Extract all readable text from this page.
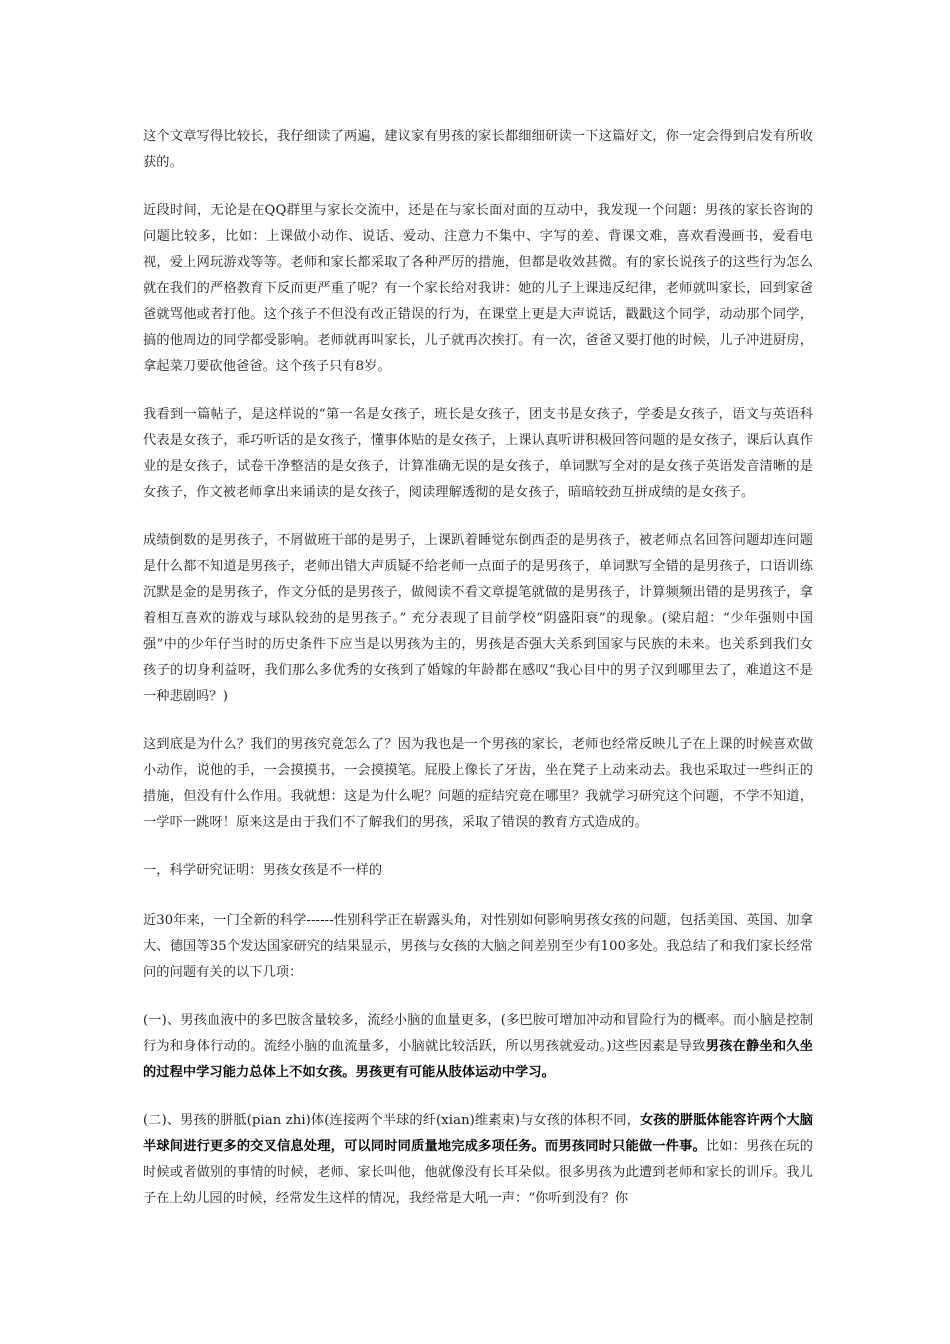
这个文章写得比较长，我仔细读了两遍，建议家有男孩的家长都细细研读一下这篇好文，你一定会得到启发有所收获的。

近段时间，无论是在QQ群里与家长交流中，还是在与家长面对面的互动中，我发现一个问题：男孩的家长咨询的问题比较多，比如：上课做小动作、说话、爱动、注意力不集中、字写的差、背课文难，喜欢看漫画书，爱看电视，爱上网玩游戏等等。老师和家长都采取了各种严厉的措施，但都是收效甚微。有的家长说孩子的这些行为怎么就在我们的严格教育下反而更严重了呢？有一个家长给对我讲：她的儿子上课违反纪律，老师就叫家长，回到家爸爸就骂他或者打他。这个孩子不但没有改正错误的行为，在课堂上更是大声说话，戳戳这个同学，动动那个同学，搞的他周边的同学都受影响。老师就再叫家长，儿子就再次挨打。有一次，爸爸又要打他的时候，儿子冲进厨房，拿起菜刀要砍他爸爸。这个孩子只有8岁。

我看到一篇帖子，是这样说的“第一名是女孩子，班长是女孩子，团支书是女孩子，学委是女孩子，语文与英语科代表是女孩子，乖巧听话的是女孩子，懂事体贴的是女孩子，上课认真听讲积极回答问题的是女孩子，课后认真作业的是女孩子，试卷干净整洁的是女孩子，计算准确无误的是女孩子，单词默写全对的是女孩子英语发音清晰的是女孩子，作文被老师拿出来诵读的是女孩子，阅读理解透彻的是女孩子，暗暗较劲互拼成绩的是女孩子。

成绩倒数的是男孩子，不屑做班干部的是男子，上课趴着睡觉东倒西歪的是男孩子，被老师点名回答问题却连问题是什么都不知道是男孩子，老师出错大声质疑不给老师一点面子的是男孩子，单词默写全错的是男孩子，口语训练沉默是金的是男孩子，作文分低的是男孩子，做阅读不看文章提笔就做的是男孩子，计算频频出错的是男孩子，拿着相互喜欢的游戏与球队较劲的是男孩子。” 充分表现了目前学校“阴盛阳衰”的现象。(梁启超：“少年强则中国强”中的少年仔当时的历史条件下应当是以男孩为主的，男孩是否强大关系到国家与民族的未来。也关系到我们女孩子的切身利益呀，我们那么多优秀的女孩到了婚嫁的年龄都在感叹“我心目中的男子汉到哪里去了，难道这不是一种悲剧吗？)

这到底是为什么？我们的男孩究竟怎么了？因为我也是一个男孩的家长，老师也经常反映儿子在上课的时候喜欢做小动作，说他的手，一会摸摸书，一会摸摸笔。屁股上像长了牙齿，坐在凳子上动来动去。我也采取过一些纠正的措施，但没有什么作用。我就想：这是为什么呢？问题的症结究竟在哪里？我就学习研究这个问题，不学不知道，一学吓一跳呀！原来这是由于我们不了解我们的男孩，采取了错误的教育方式造成的。

一，科学研究证明：男孩女孩是不一样的

近30年来，一门全新的科学------性别科学正在崭露头角，对性别如何影响男孩女孩的问题，包括美国、英国、加拿大、德国等35个发达国家研究的结果显示，男孩与女孩的大脑之间差别至少有100多处。我总结了和我们家长经常问的问题有关的以下几项：

(一)、男孩血液中的多巴胺含量较多，流经小脑的血量更多，(多巴胺可增加冲动和冒险行为的概率。而小脑是控制行为和身体行动的。流经小脑的血流量多，小脑就比较活跃，所以男孩就爱动。)这些因素是导致男孩在静坐和久坐的过程中学习能力总体上不如女孩。男孩更有可能从肢体运动中学习。

(二)、男孩的胼胝(pian zhi)体(连接两个半球的纤(xian)维素束)与女孩的体积不同，女孩的胼胝体能容许两个大脑半球间进行更多的交叉信息处理，可以同时同质量地完成多项任务。而男孩同时只能做一件事。比如：男孩在玩的时候或者做别的事情的时候，老师、家长叫他，他就像没有长耳朵似。很多男孩为此遭到老师和家长的训斥。我儿子在上幼儿园的时候，经常发生这样的情况，我经常是大吼一声：“你听到没有？你
